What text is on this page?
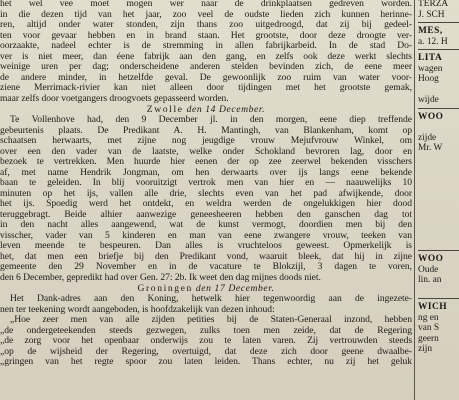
het wel vee moet mogen wer naar de drinkplaatsen gedreven worden.
in die dezen tijd van het jaar, zoo veel de oudste lieden zich kunnen herinne-
ren, altijd onder water stonden, zijn thans zoo uitgedroogd, dat zij bij gedeel-
ten voor gevaar hebben en in brand staan. Het grootste, door deze droogte ver-
oorzaakte, nadeel echter is de stremming in allen fabrijkarbeid. In de stad Do-
ver is niet meer, dan éene fabrijk aan den gang, en zelfs ook deze werkt slechts
weinige uren per dag; onderscheidene anderen stelden bevinden zich, de eene meer
de andere minder, in hetzelfde geval. De gewoonlijk zoo ruim van water voor-
ziene Merrimack-rivier kan niet alleen door tijdingen met het grootste gemak,
maar zelfs door voetgangers droogvoets gepasseerd worden.
Zwolle den 14 December.
Te Vollenhove had, den 9 December jl. in den morgen, eene diep treffende
gebeurtenis plaats. De Predikant A. H. Mantingh, van Blankenham, komt op
schaatsen herwaarts, met zijne nog jeugdige vrouw Mejufvrouw Winkel, om
over een den vader van de laatste, welke onder Schokland bevroren lag, door en
bezoek te vertrekken. Men huurde hier eenen der op zee zeerwel bekenden visschers
af, met name Hendrik Jongman, om hen derwaarts over ijs langs eene bekende
baan te geleiden. In blij vooruitzigt vertrok men van hier en — naauwelijks 10
minuten op het ijs, vallen alle drie, slechts even van het pad afwijkende, door
het ijs. Spoedig werd het ontdekt, en weldra werden de ongelukkigen hier dood
teruggebragt. Beide alhier aanwezige geneesheeren hebben den ganschen dag tot
in den nacht alles aangewend, wat de kunst vermogt, doordien men bij den
visscher, vader van 5 kinderen en man van eene zwangere vrouw, teeken van
leven meende te bespeuren. Dan alles is vruchteloos geweest. Opmerkelijk is
het, dat men een briefje bij den Predikant vond, waaruit bleek, dat hij in zijne
gemeente den 29 November en in de vacature te Blokzijl, 3 dagen te voren,
den 6 December, gepredikt had over Gen. 27: 2b. Ik weet den dag mijnes doods niet.
Groningen den 17 December.
Het Dank-adres aan den Koning, hetwelk hier tegenwoordig aan de ingezete-
nen ter teekening wordt aangeboden, is hoofdzakelijk van dezen inhoud:
„Hoe zeer men van alle zijden petities bij de Staten-Generaal inzond, hebben
„de ondergeteekenden steeds gezwegen, zulks toen men zeide, dat de Regering
„de zorg voor het openbaar onderwijs zou te laten varen. Zij vertrouwden steeds
„op de wijsheid der Regering, overtuigd, dat deze zich door geene dwaalbe-
„gringen van het regte spoor zou laten leiden. Thans echter, nu zij het geluk
TERZA
J. SCH
MES,
a. 12. H
LITA
wagen
Hoog
wijde
WOO
zijde
Mr. W
WOO
Oude
lin. an
WICH
ng en
van S
geern
zijn
